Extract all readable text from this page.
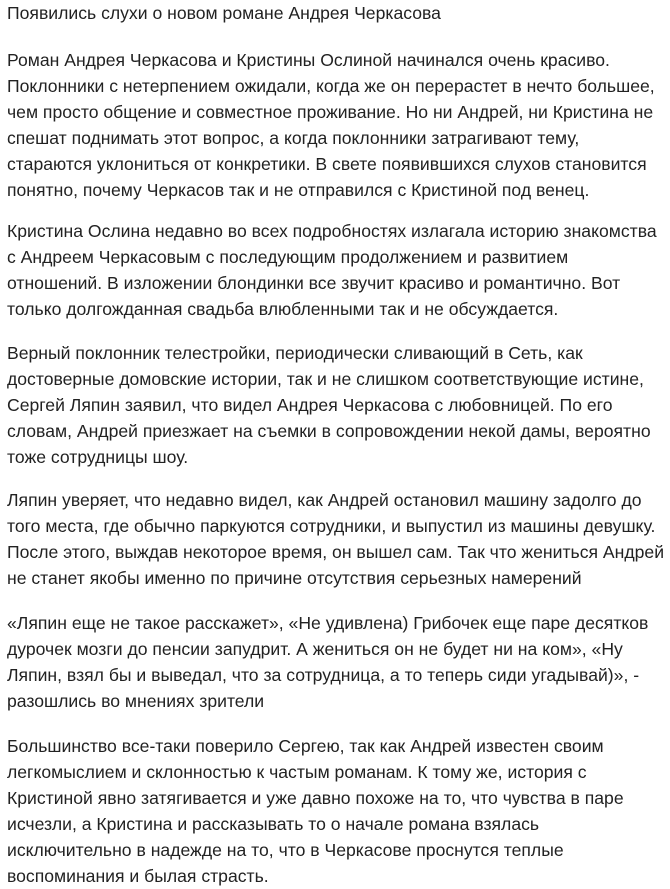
Появились слухи о новом романе Андрея Черкасова

Роман Андрея Черкасова и Кристины Ослиной начинался очень красиво. Поклонники с нетерпением ожидали, когда же он перерастет в нечто большее, чем просто общение и совместное проживание. Но ни Андрей, ни Кристина не спешат поднимать этот вопрос, а когда поклонники затрагивают тему, стараются уклониться от конкретики. В свете появившихся слухов становится понятно, почему Черкасов так и не отправился с Кристиной под венец.

Кристина Ослина недавно во всех подробностях излагала историю знакомства с Андреем Черкасовым с последующим продолжением и развитием отношений. В изложении блондинки все звучит красиво и романтично. Вот только долгожданная свадьба влюбленными так и не обсуждается.

Верный поклонник телестройки, периодически сливающий в Сеть, как достоверные домовские истории, так и не слишком соответствующие истине, Сергей Ляпин заявил, что видел Андрея Черкасова с любовницей. По его словам, Андрей приезжает на съемки в сопровождении некой дамы, вероятно тоже сотрудницы шоу.

Ляпин уверяет, что недавно видел, как Андрей остановил машину задолго до того места, где обычно паркуются сотрудники, и выпустил из машины девушку. После этого, выждав некоторое время, он вышел сам. Так что жениться Андрей не станет якобы именно по причине отсутствия серьезных намерений

«Ляпин еще не такое расскажет», «Не удивлена) Грибочек еще паре десятков дурочек мозги до пенсии запудрит. А жениться он не будет ни на ком», «Ну Ляпин, взял бы и выведал, что за сотрудница, а то теперь сиди угадывай)», - разошлись во мнениях зрители

Большинство все-таки поверило Сергею, так как Андрей известен своим легкомыслием и склонностью к частым романам. К тому же, история с Кристиной явно затягивается и уже давно похоже на то, что чувства в паре исчезли, а Кристина и рассказывать то о начале романа взялась исключительно в надежде на то, что в Черкасове проснутся теплые воспоминания и былая страсть.
